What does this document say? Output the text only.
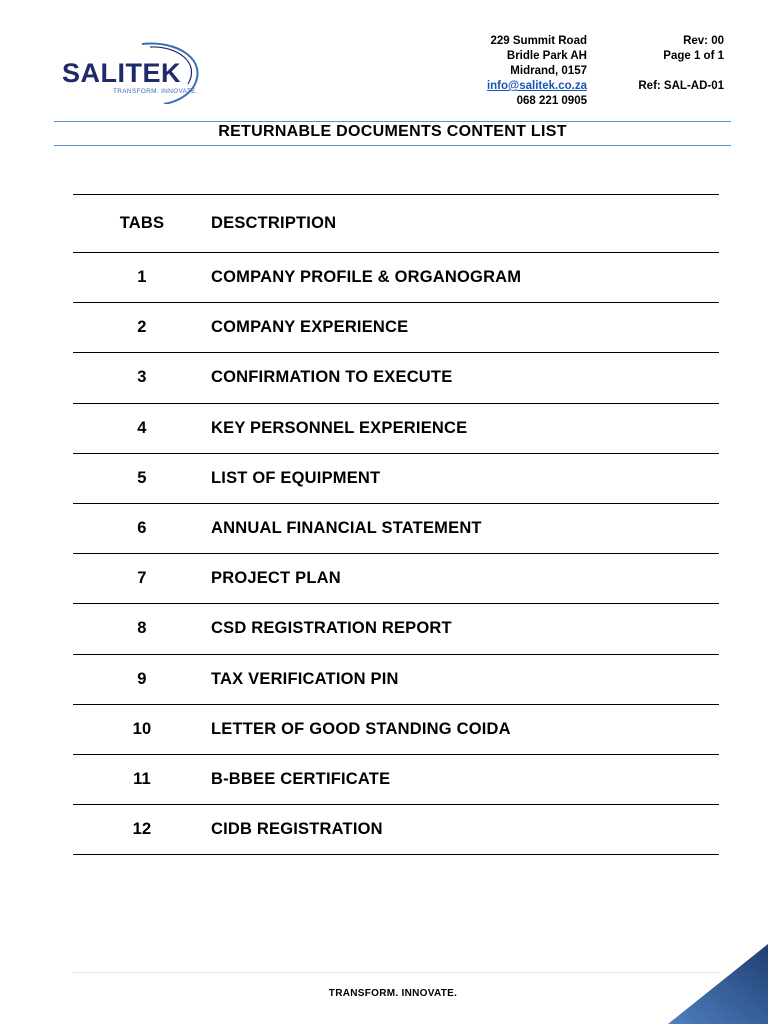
SALITEK
TRANSFORM. INNOVATE.
229 Summit Road
Bridle Park AH
Midrand, 0157
info@salitek.co.za
068 221 0905
Rev: 00
Page 1 of 1
Ref: SAL-AD-01
RETURNABLE DOCUMENTS CONTENT LIST
TABS	DESCTRIPTION
1	COMPANY PROFILE & ORGANOGRAM
2	COMPANY EXPERIENCE
3	CONFIRMATION TO EXECUTE
4	KEY PERSONNEL EXPERIENCE
5	LIST OF EQUIPMENT
6	ANNUAL FINANCIAL STATEMENT
7	PROJECT PLAN
8	CSD REGISTRATION REPORT
9	TAX VERIFICATION PIN
10	LETTER OF GOOD STANDING COIDA
11	B-BBEE CERTIFICATE
12	CIDB REGISTRATION
TRANSFORM. INNOVATE.
